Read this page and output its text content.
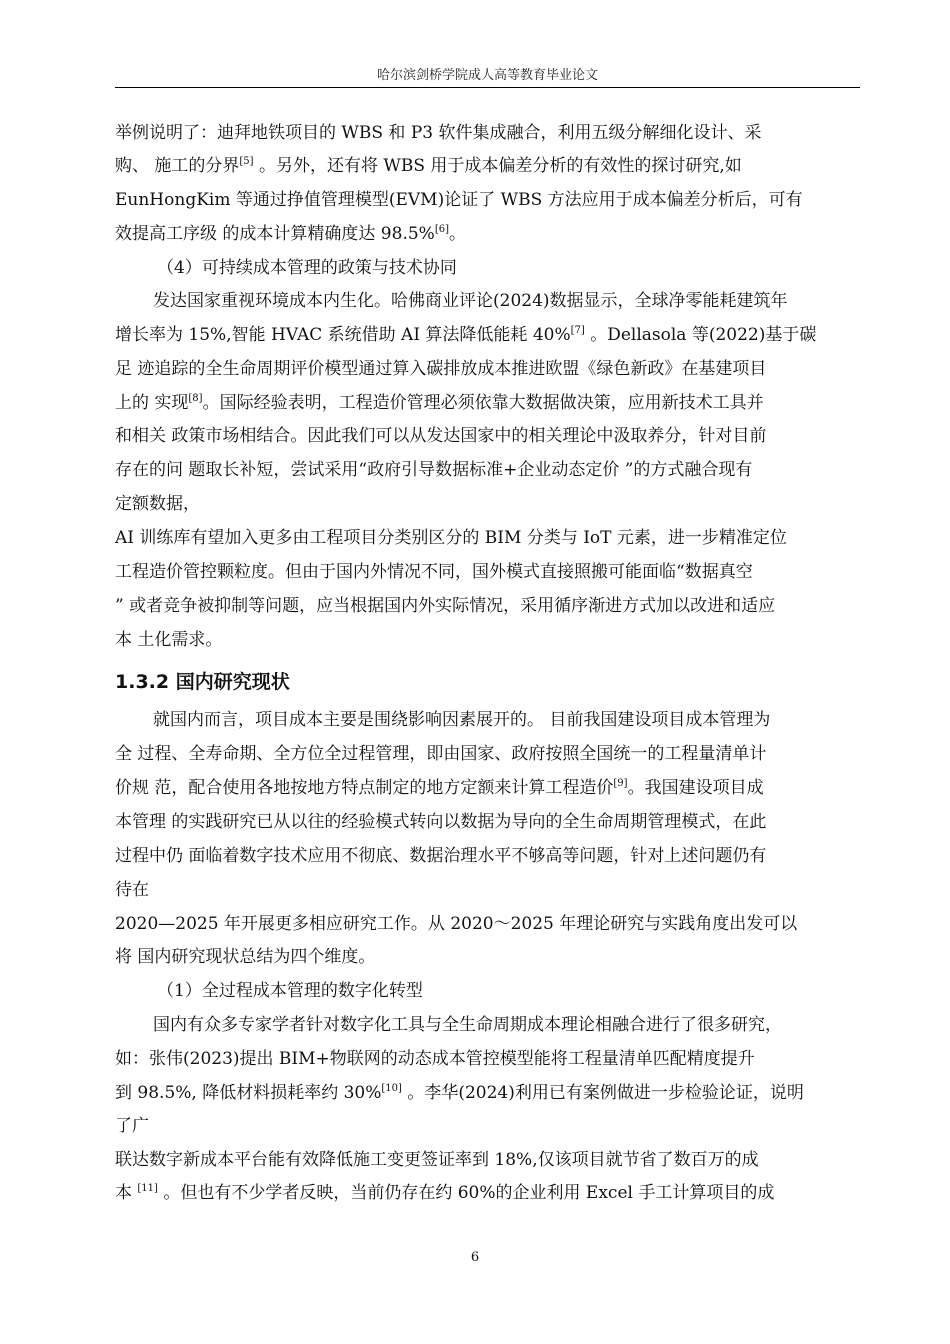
哈尔滨剑桥学院成人高等教育毕业论文
举例说明了：迪拜地铁项目的 WBS 和 P3 软件集成融合，利用五级分解细化设计、采
购、 施工的分界[5] 。另外，还有将 WBS 用于成本偏差分析的有效性的探讨研究,如
EunHongKim 等通过挣值管理模型(EVM)论证了 WBS 方法应用于成本偏差分析后，可有
效提高工序级 的成本计算精确度达 98.5%[6]。
（4）可持续成本管理的政策与技术协同
发达国家重视环境成本内生化。哈佛商业评论(2024)数据显示，全球净零能耗建筑年
增长率为 15%,智能 HVAC 系统借助 AI 算法降低能耗 40%[7] 。Dellasola 等(2022)基于碳
足 迹追踪的全生命周期评价模型通过算入碳排放成本推进欧盟《绿色新政》在基建项目
上的 实现[8]。国际经验表明，工程造价管理必须依靠大数据做决策，应用新技术工具并
和相关 政策市场相结合。因此我们可以从发达国家中的相关理论中汲取养分，针对目前
存在的问 题取长补短，尝试采用“政府引导数据标准+企业动态定价 ”的方式融合现有
定额数据，
AI 训练库有望加入更多由工程项目分类别区分的 BIM 分类与 IoT 元素，进一步精准定位
工程造价管控颗粒度。但由于国内外情况不同，国外模式直接照搬可能面临“数据真空
” 或者竞争被抑制等问题，应当根据国内外实际情况，采用循序渐进方式加以改进和适应
本 土化需求。
1.3.2 国内研究现状
就国内而言，项目成本主要是围绕影响因素展开的。 目前我国建设项目成本管理为
全 过程、全寿命期、全方位全过程管理，即由国家、政府按照全国统一的工程量清单计
价规 范，配合使用各地按地方特点制定的地方定额来计算工程造价[9]。我国建设项目成
本管理 的实践研究已从以往的经验模式转向以数据为导向的全生命周期管理模式，在此
过程中仍 面临着数字技术应用不彻底、数据治理水平不够高等问题，针对上述问题仍有
待在
2020—2025 年开展更多相应研究工作。从 2020～2025 年理论研究与实践角度出发可以
将 国内研究现状总结为四个维度。
（1）全过程成本管理的数字化转型
国内有众多专家学者针对数字化工具与全生命周期成本理论相融合进行了很多研究，
如：张伟(2023)提出 BIM+物联网的动态成本管控模型能将工程量清单匹配精度提升
到 98.5%, 降低材料损耗率约 30%[10] 。李华(2024)利用已有案例做进一步检验论证，说明
了广
联达数字新成本平台能有效降低施工变更签证率到 18%,仅该项目就节省了数百万的成
本 [11] 。但也有不少学者反映，当前仍存在约 60%的企业利用 Excel 手工计算项目的成
6
